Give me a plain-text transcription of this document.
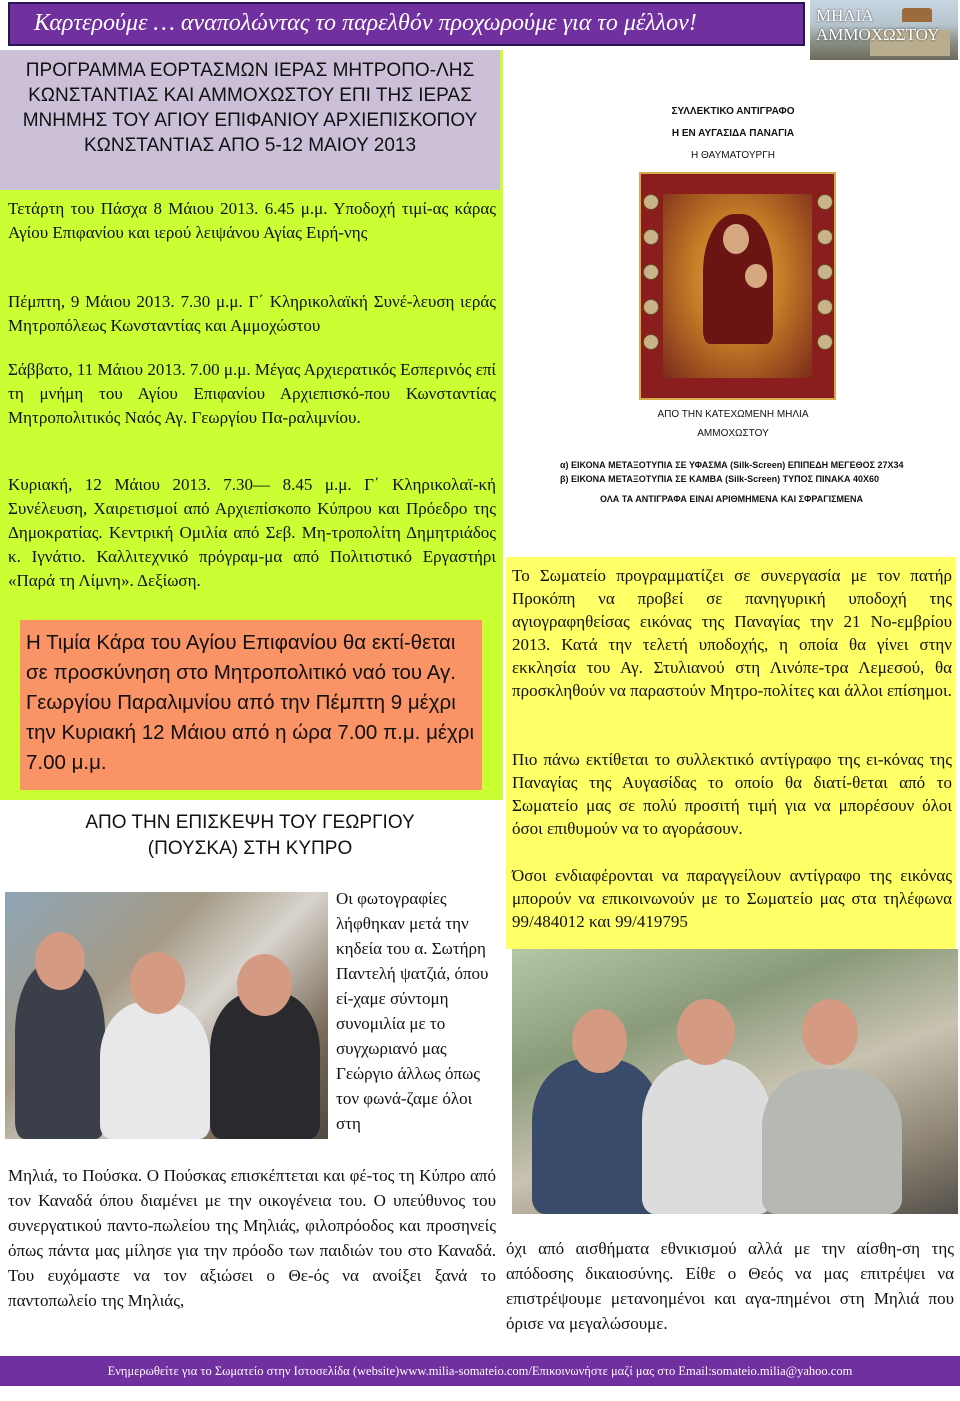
Καρτερούμε … αναπολώντας το παρελθόν προχωρούμε για το μέλλον!	ΜΗΛΙΑ
ΑΜΜΟΧΩΣΤΟΥ
ΠΡΟΓΡΑΜΜΑ ΕΟΡΤΑΣΜΩΝ ΙΕΡΑΣ ΜΗΤΡΟΠΟ-ΛΗΣ ΚΩΝΣΤΑΝΤΙΑΣ ΚΑΙ ΑΜΜΟΧΩΣΤΟΥ ΕΠΙ ΤΗΣ ΙΕΡΑΣ ΜΝΗΜΗΣ ΤΟΥ ΑΓΙΟΥ ΕΠΙΦΑΝΙΟΥ ΑΡΧΙΕΠΙΣΚΟΠΟΥ ΚΩΝΣΤΑΝΤΙΑΣ ΑΠΟ 5-12 ΜΑΙΟΥ 2013
Τετάρτη του Πάσχα 8 Μάιου 2013. 6.45 μ.μ. Υποδοχή τιμί-ας κάρας Αγίου Επιφανίου και ιερού λειψάνου Αγίας Ειρή-νης
Πέμπτη, 9 Μάιου 2013. 7.30 μ.μ. Γ΄ Κληρικολαϊκή Συνέ-λευση ιεράς Μητροπόλεως Κωνσταντίας και Αμμοχώστου
Σάββατο, 11 Μάιου 2013. 7.00 μ.μ. Μέγας Αρχιερατικός Εσπερινός επί τη μνήμη του Αγίου Επιφανίου Αρχιεπισκό-που Κωνσταντίας Μητροπολιτικός Ναός Αγ. Γεωργίου Πα-ραλιμνίου.
Κυριακή, 12 Μάιου 2013. 7.30— 8.45 μ.μ. Γ΄ Κληρικολαϊ-κή Συνέλευση, Χαιρετισμοί από Αρχιεπίσκοπο Κύπρου και Πρόεδρο της Δημοκρατίας. Κεντρική Ομιλία από Σεβ. Μη-τροπολίτη Δημητριάδος κ. Ιγνάτιο. Καλλιτεχνικό πρόγραμ-μα από Πολιτιστικό Εργαστήρι «Παρά τη Λίμνη». Δεξίωση.
Η Τιμία Κάρα του Αγίου Επιφανίου θα εκτί-θεται σε προσκύνηση στο Μητροπολιτικό ναό του Αγ. Γεωργίου Παραλιμνίου από την Πέμπτη 9 μέχρι την Κυριακή 12 Μάιου από η ώρα 7.00 π.μ. μέχρι 7.00 μ.μ.
ΑΠΟ ΤΗΝ ΕΠΙΣΚΕΨΗ ΤΟΥ ΓΕΩΡΓΙΟΥ
(ΠΟΥΣΚΑ) ΣΤΗ ΚΥΠΡΟ
Οι φωτογραφίες λήφθηκαν μετά την κηδεία του α. Σωτήρη Παντελή ψατζιά, όπου εί-χαμε σύντομη συνομιλία με το συγχωριανό μας Γεώργιο άλλως όπως τον φωνά-ζαμε όλοι στη
Μηλιά, το Πούσκα. Ο Πούσκας επισκέπτεται και φέ-τος τη Κύπρο από τον Καναδά όπου διαμένει με την οικογένεια του. Ο υπεύθυνος του συνεργατικού παντο-πωλείου της Μηλιάς, φιλοπρόοδος και προσηνείς όπως πάντα μας μίλησε για την πρόοδο των παιδιών του στο Καναδά. Του ευχόμαστε να τον αξιώσει ο Θε-ός να ανοίξει ξανά το παντοπωλείο της Μηλιάς,
ΣΥΛΛΕΚΤΙΚΟ ΑΝΤΙΓΡΑΦΟ
Η ΕΝ ΑΥΓΑΣΙΔΑ ΠΑΝΑΓΙΑ
Η ΘΑΥΜΑΤΟΥΡΓΗ
ΑΠΟ ΤΗΝ ΚΑΤΕΧΩΜΕΝΗ ΜΗΛΙΑ
ΑΜΜΟΧΩΣΤΟΥ
α) ΕΙΚΟΝΑ ΜΕΤΑΞΟΤΥΠΙΑ ΣΕ ΥΦΑΣΜΑ (Silk-Screen) ΕΠΙΠΕΔΗ ΜΕΓΕΘΟΣ 27X34
β) ΕΙΚΟΝΑ ΜΕΤΑΞΟΤΥΠΙΑ ΣΕ ΚΑΜΒΑ (Silk-Screen) ΤΥΠΟΣ ΠΙΝΑΚΑ 40Χ60
ΟΛΑ ΤΑ ΑΝΤΙΓΡΑΦΑ ΕΙΝΑΙ ΑΡΙΘΜΗΜΕΝΑ ΚΑΙ ΣΦΡΑΓΙΣΜΕΝΑ
Το Σωματείο προγραμματίζει σε συνεργασία με τον πατήρ Προκόπη να προβεί σε πανηγυρική υποδοχή της αγιογραφηθείσας εικόνας της Παναγίας την 21 Νο-εμβρίου 2013. Κατά την τελετή υποδοχής, η οποία θα γίνει στην εκκλησία του Αγ. Στυλιανού στη Λινόπε-τρα Λεμεσού, θα προσκληθούν να παραστούν Μητρο-πολίτες και άλλοι επίσημοι.
Πιο πάνω εκτίθεται το συλλεκτικό αντίγραφο της ει-κόνας της Παναγίας της Αυγασίδας το οποίο θα διατί-θεται από το Σωματείο μας σε πολύ προσιτή τιμή για να μπορέσουν όλοι όσοι επιθυμούν να το αγοράσουν.
Όσοι ενδιαφέρονται να παραγγείλουν αντίγραφο της εικόνας μπορούν να επικοινωνούν με το Σωματείο μας στα τηλέφωνα 99/484012 και 99/419795
όχι από αισθήματα εθνικισμού αλλά με την αίσθη-ση της απόδοσης δικαιοσύνης. Είθε ο Θεός να μας επιτρέψει να επιστρέψουμε μετανοημένοι και αγα-πημένοι στη Μηλιά που όρισε να μεγαλώσουμε.
Ενημερωθείτε για το Σωματείο στην Ιστοσελίδα (website)www.milia-somateio.com/Επικοινωνήστε μαζί μας στο Email:somateio.milia@yahoo.com
